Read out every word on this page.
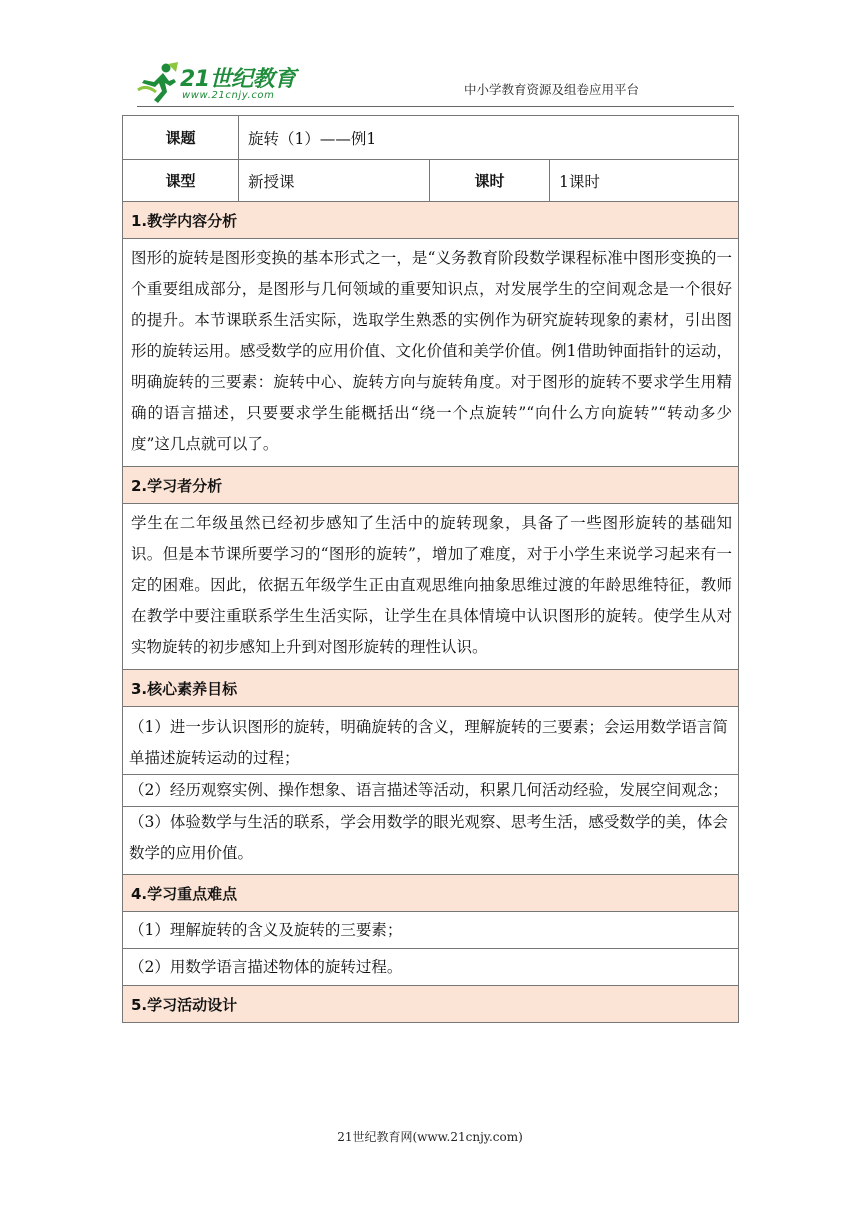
21世纪教育
www.21cnjy.com	中小学教育资源及组卷应用平台
课题	旋转（1）——例1		
课型	新授课	课时	1课时
1.教学内容分析			
图形的旋转是图形变换的基本形式之一，是“义务教育阶段数学课程标准中图形变换的一个重要组成部分，是图形与几何领域的重要知识点，对发展学生的空间观念是一个很好的提升。本节课联系生活实际，选取学生熟悉的实例作为研究旋转现象的素材，引出图形的旋转运用。感受数学的应用价值、文化价值和美学价值。例1借助钟面指针的运动，明确旋转的三要素：旋转中心、旋转方向与旋转角度。对于图形的旋转不要求学生用精确的语言描述，只要要求学生能概括出“绕一个点旋转”“向什么方向旋转”“转动多少度”这几点就可以了。			
2.学习者分析			
学生在二年级虽然已经初步感知了生活中的旋转现象，具备了一些图形旋转的基础知识。但是本节课所要学习的“图形的旋转”，增加了难度，对于小学生来说学习起来有一定的困难。因此，依据五年级学生正由直观思维向抽象思维过渡的年龄思维特征，教师在教学中要注重联系学生生活实际，让学生在具体情境中认识图形的旋转。使学生从对实物旋转的初步感知上升到对图形旋转的理性认识。			
3.核心素养目标			
（1）进一步认识图形的旋转，明确旋转的含义，理解旋转的三要素；会运用数学语言简单描述旋转运动的过程；			
（2）经历观察实例、操作想象、语言描述等活动，积累几何活动经验，发展空间观念；			
（3）体验数学与生活的联系，学会用数学的眼光观察、思考生活，感受数学的美，体会数学的应用价值。			
4.学习重点难点			
（1）理解旋转的含义及旋转的三要素；			
（2）用数学语言描述物体的旋转过程。			
5.学习活动设计			
21世纪教育网(www.21cnjy.com)
